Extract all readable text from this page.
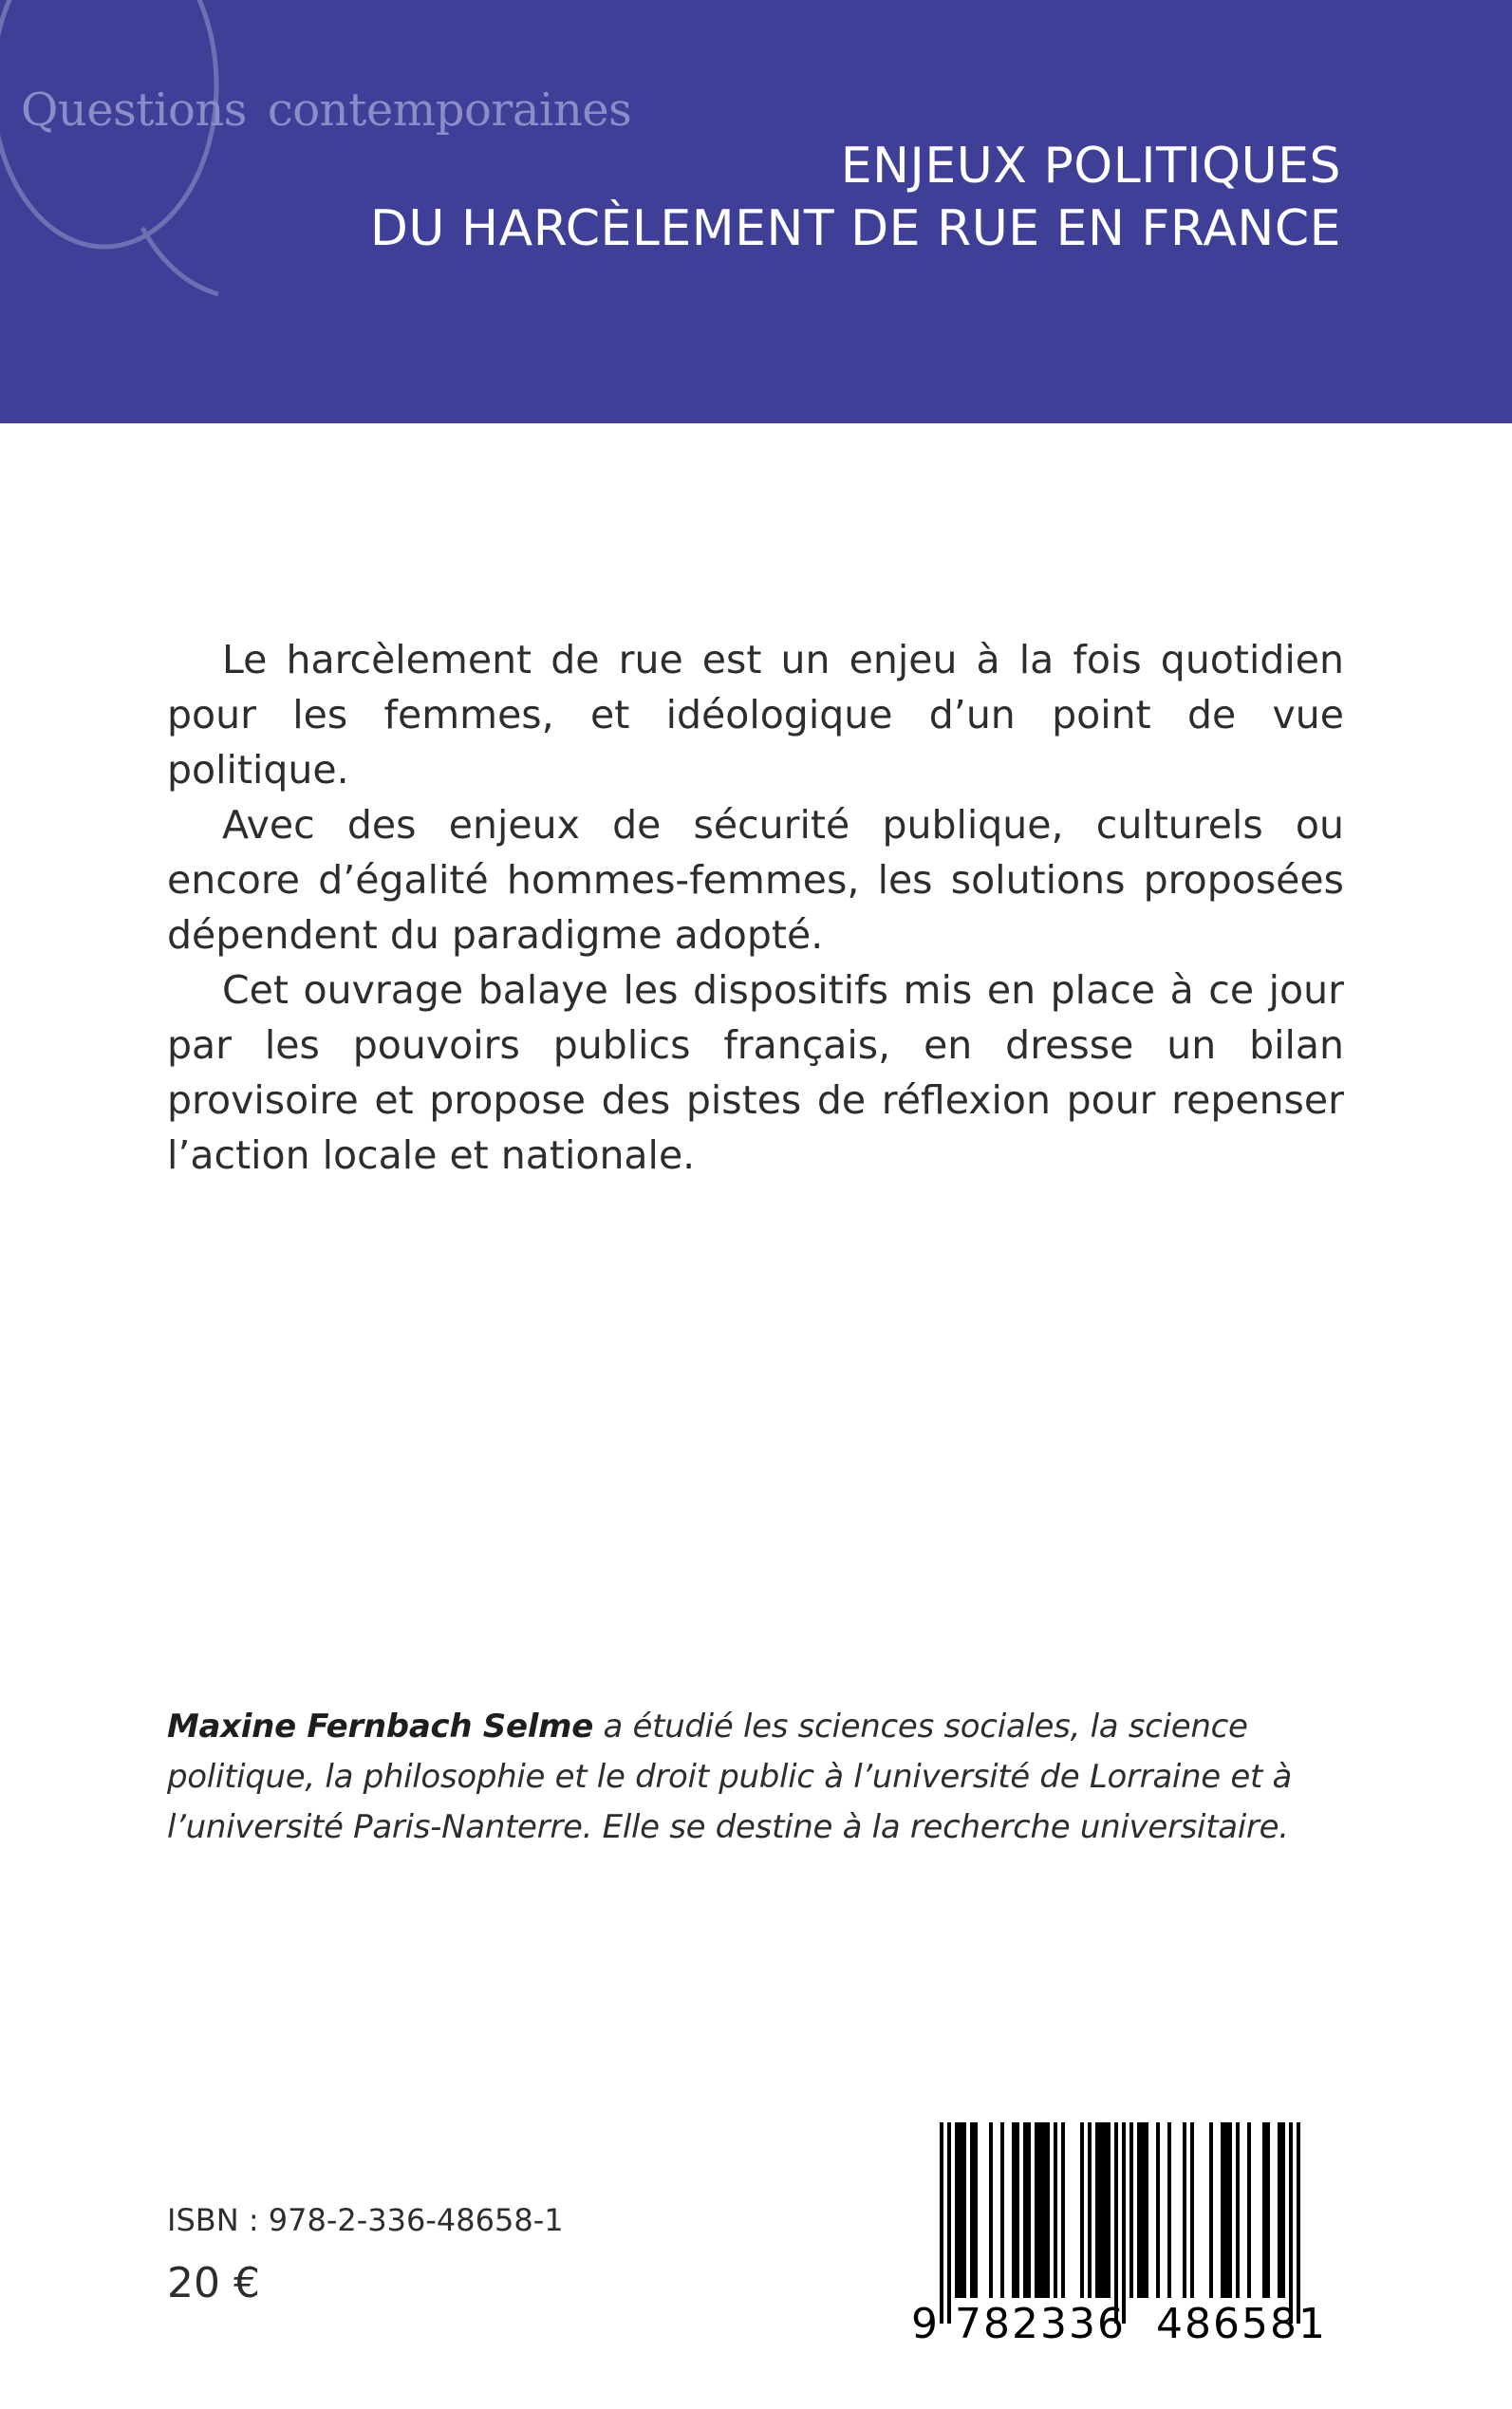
Questions contemporaines
ENJEUX POLITIQUES
DU HARCÈLEMENT DE RUE EN FRANCE

Le harcèlement de rue est un enjeu à la fois quotidien pour les femmes, et idéologique d’un point de vue politique.

Avec des enjeux de sécurité publique, culturels ou encore d’égalité hommes-femmes, les solutions proposées dépendent du paradigme adopté.

Cet ouvrage balaye les dispositifs mis en place à ce jour par les pouvoirs publics français, en dresse un bilan provisoire et propose des pistes de réflexion pour repenser l’action locale et nationale.

Maxine Fernbach Selme a étudié les sciences sociales, la science politique, la philosophie et le droit public à l’université de Lorraine et à l’université Paris-Nanterre. Elle se destine à la recherche universitaire.
ISBN : 978-2-336-48658-1
20 €
9 782336 486581
